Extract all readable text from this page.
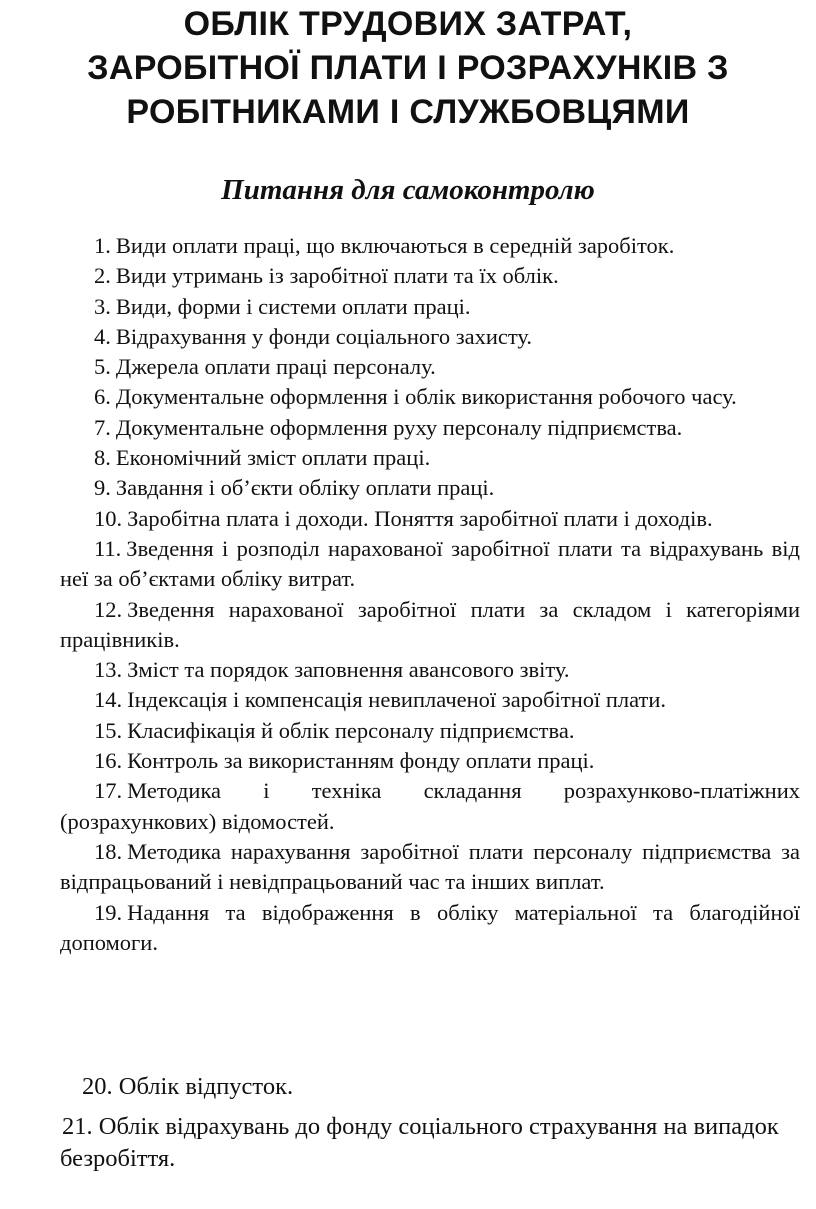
ОБЛІК ТРУДОВИХ ЗАТРАТ,
ЗАРОБІТНОЇ ПЛАТИ І РОЗРАХУНКІВ З
РОБІТНИКАМИ І СЛУЖБОВЦЯМИ
Питання для самоконтролю
1. Види оплати праці, що включаються в середній заробіток.
2. Види утримань із заробітної плати та їх облік.
3. Види, форми і системи оплати праці.
4. Відрахування у фонди соціального захисту.
5. Джерела оплати праці персоналу.
6. Документальне оформлення і облік використання робочого часу.
7. Документальне оформлення руху персоналу підприємства.
8. Економічний зміст оплати праці.
9. Завдання і об’єкти обліку оплати праці.
10. Заробітна плата і доходи. Поняття заробітної плати і доходів.
11. Зведення і розподіл нарахованої заробітної плати та відрахувань від неї за об’єктами обліку витрат.
12. Зведення нарахованої заробітної плати за складом і категоріями працівників.
13. Зміст та порядок заповнення авансового звіту.
14. Індексація і компенсація невиплаченої заробітної плати.
15. Класифікація й облік персоналу підприємства.
16. Контроль за використанням фонду оплати праці.
17. Методика і техніка складання розрахунково-платіжних (розрахункових) відомостей.
18. Методика нарахування заробітної плати персоналу підприємства за відпрацьований і невідпрацьований час та інших виплат.
19. Надання та відображення в обліку матеріальної та благодійної допомоги.

20. Облік відпусток.

21. Облік відрахувань до фонду соціального страхування на випадок безробіття.
